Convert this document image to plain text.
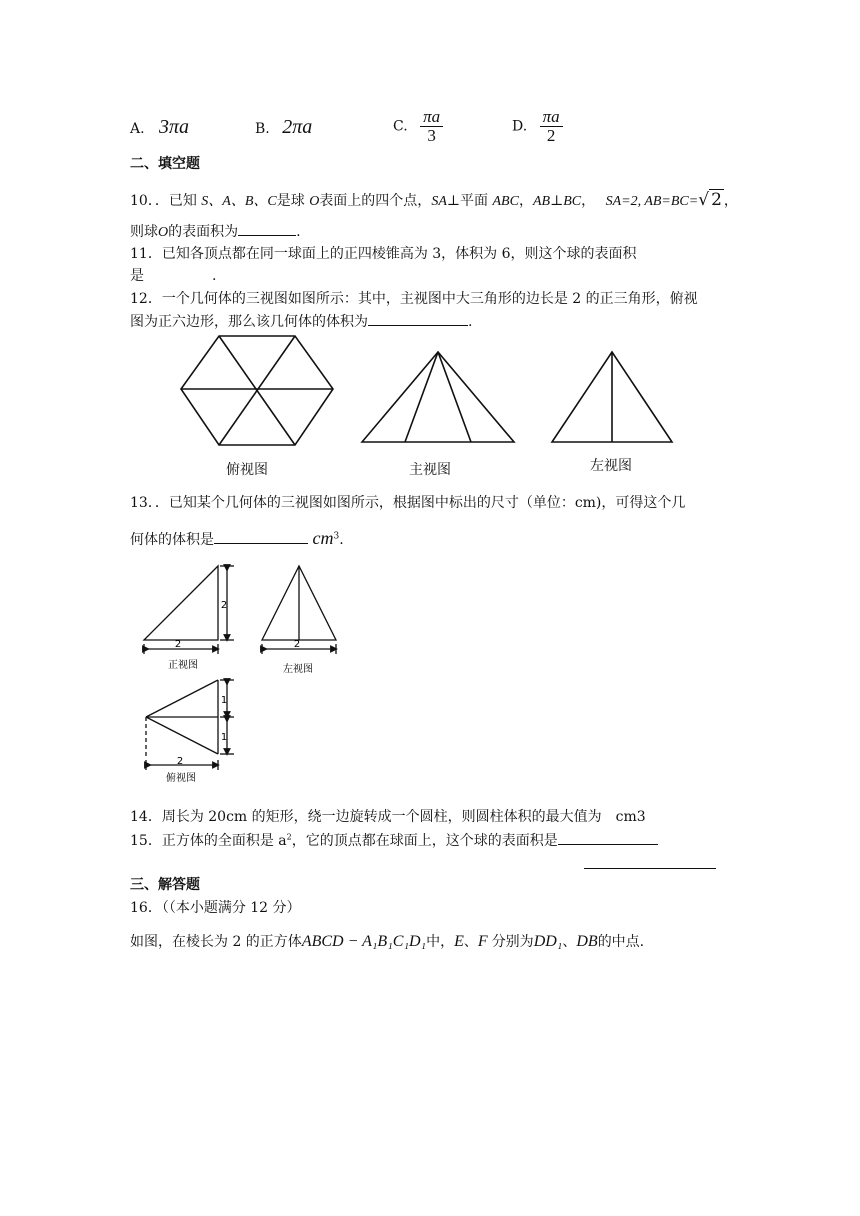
A. 3πa	B. 2πa	C. $\frac{\pi a}{3}$	D. $\frac{\pi a}{2}$
二、填空题
10．．已知 S、A、B、C是球 O表面上的四个点，SA⊥平面 ABC，AB⊥BC， SA=2, AB=BC=√ 2 ，
则球O的表面积为	.
11．已知各顶点都在同一球面上的正四棱锥高为 3，体积为 6，则这个球的表面积
是	.
12．一个几何体的三视图如图所示：其中，主视图中大三角形的边长是 2 的正三角形，俯视
图为正六边形，那么该几何体的体积为	.
俯视图	主视图	左视图
13．．已知某个几何体的三视图如图所示，根据图中标出的尺寸（单位：cm)，可得这个几
何体的体积是	$cm^3$.
2
2
正视图
2
左视图
1
1
2
俯视图
14．周长为 20cm 的矩形，绕一边旋转成一个圆柱，则圆柱体积的最大值为 cm3
15．正方体的全面积是 $a^2$，它的顶点都在球面上，这个球的表面积是
三、解答题
16．（（本小题满分 12 分）
如图，在棱长为 2 的正方体ABCD − A₁B₁C₁D₁中，E、F 分别为DD₁、DB的中点.
